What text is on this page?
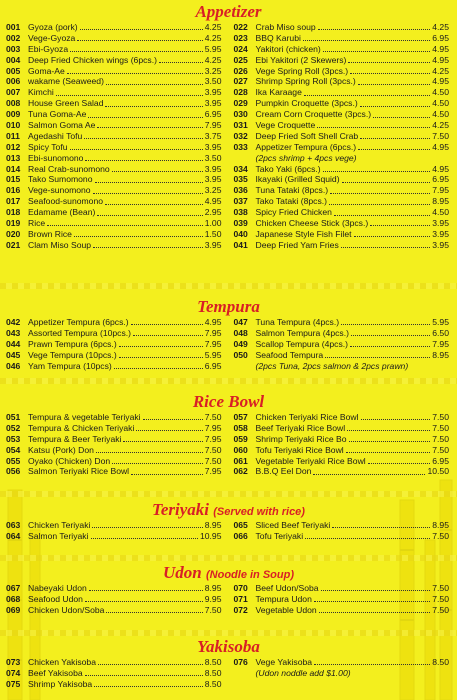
Appetizer
001 Gyoza (pork)	4.25
002 Vege-Gyoza	4.25
003 Ebi-Gyoza	5.95
004 Deep Fried Chicken wings (6pcs.)	4.25
005 Goma-Ae	3.25
006 wakame (Seaweed)	3.50
007 Kimchi	3.95
008 House Green Salad	3.95
009 Tuna Goma-Ae	6.95
010 Salmon Goma Ae	7.95
011 Agedashi Tofu	3.75
012 Spicy Tofu	3.95
013 Ebi-sunomono	3.50
014 Real Crab-sunomono	3.95
015 Tako Sumomono	3.95
016 Vege-sunomono	3.25
017 Seafood-sunomono	4.95
018 Edamame (Bean)	2.95
019 Rice	1.00
020 Brown Rice	1.50
021 Clam Miso Soup	3.95
022 Crab Miso soup	4.25
023 BBQ Karubi	6.95
024 Yakitori (chicken)	4.95
025 Ebi Yakitori (2 Skewers)	4.95
026 Vege Spring Roll (3pcs.)	4.25
027 Shrimp Spring Roll (3pcs.)	4.95
028 Ika Karaage	4.50
029 Pumpkin Croquette (3pcs.)	4.50
030 Cream Corn Croquette (3pcs.)	4.50
031 Vege Croquette	4.25
032 Deep Fried Soft Shell Crab	7.50
033 Appetizer Tempura (6pcs.)	4.95
(2pcs shrimp + 4pcs vege)
034 Tako Yaki (6pcs.)	4.95
035 Ikayaki (Grilled Squid)	6.95
036 Tuna Tataki (8pcs.)	7.95
037 Tako Tataki (8pcs.)	8.95
038 Spicy Fried Chicken	4.50
039 Chicken Cheese Stick (3pcs.)	3.95
040 Japanese Style Fish Filet	3.95
041 Deep Fried Yam Fries	3.95
Tempura
042 Appetizer Tempura (6pcs.)	4.95
043 Assorted Tempura (10pcs.)	7.95
044 Prawn Tempura (6pcs.)	7.95
045 Vege Tempura (10pcs.)	5.95
046 Yam Tempura (10pcs)	6.95
047 Tuna Tempura (4pcs.)	5.95
048 Salmon Tempura (4pcs.)	6.50
049 Scallop Tempura (4pcs.)	7.95
050 Seafood Tempura	8.95
(2pcs Tuna, 2pcs salmon & 2pcs prawn)
Rice Bowl
051 Tempura & vegetable Teriyaki	7.50
052 Tempura & Chicken Teriyaki	7.95
053 Tempura & Beer Teriyaki	7.95
054 Katsu (Pork) Don	7.50
055 Oyako (Chicken) Don	7.50
056 Salmon Teriyaki Rice Bowl	7.95
057 Chicken Teriyaki Rice Bowl	7.50
058 Beef Teriyaki Rice Bowl	7.50
059 Shrimp Teriyaki Rice Bo	7.50
060 Tofu Teriyaki Rice Bowl	7.50
061 Vegetable Teriyaki Rice Bowl	6.95
062 B.B.Q Eel Don	10.50
Teriyaki (Served with rice)
063 Chicken Teriyaki	8.95
064 Salmon Teriyaki	10.95
065 Sliced Beef Teriyaki	8.95
066 Tofu Teriyaki	7.50
Udon (Noodle in Soup)
067 Nabeyaki Udon	8.95
068 Seafood Udon	9.95
069 Chicken Udon/Soba	7.50
070 Beef Udon/Soba	7.50
071 Tempura Udon	7.50
072 Vegetable Udon	7.50
Yakisoba
073 Chicken Yakisoba	8.50
074 Beef Yakisoba	8.50
075 Shrimp Yakisoba	8.50
076 Vege Yakisoba	8.50
(Udon noddle add $1.00)
